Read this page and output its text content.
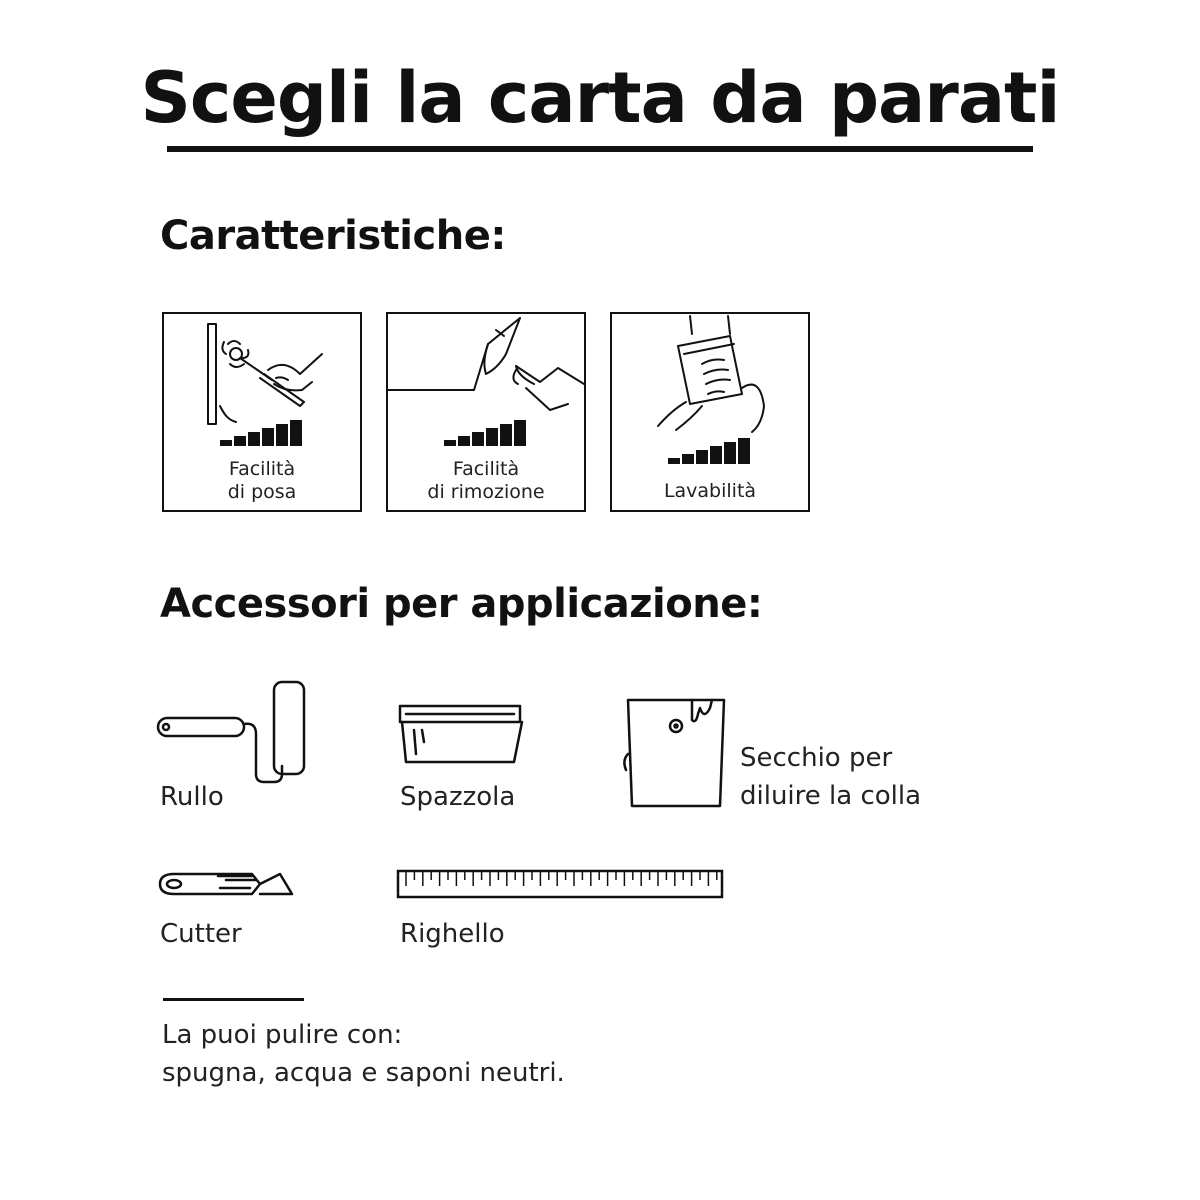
Scegli la carta da parati
Caratteristiche:
Facilità
di posa
Facilità
di rimozione	Lavabilità
Accessori per applicazione:
Rullo	Spazzola
Secchio per
diluire la colla
Cutter	Righello
La puoi pulire con:
spugna, acqua e saponi neutri.
